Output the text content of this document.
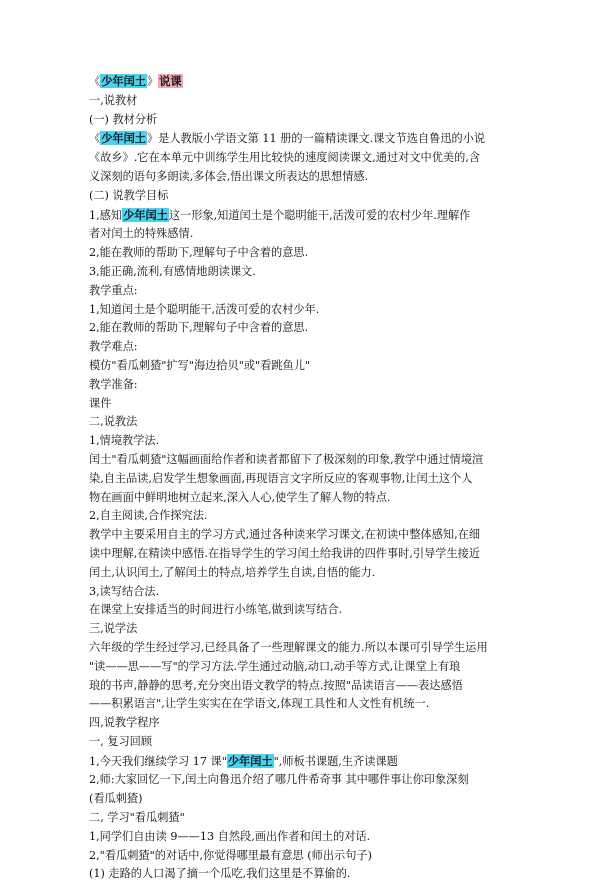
《少年闰土》说课
一,说教材
(一) 教材分析
《少年闰土》是人教版小学语文第 11 册的一篇精读课文.课文节选自鲁迅的小说
《故乡》.它在本单元中训练学生用比较快的速度阅读课文,通过对文中优美的,含
义深刻的语句多朗读,多体会,悟出课文所表达的思想情感.
(二) 说教学目标
1,感知少年闰土这一形象,知道闰土是个聪明能干,活泼可爱的农村少年.理解作
者对闰土的特殊感情.
2,能在教师的帮助下,理解句子中含着的意思.
3,能正确,流利,有感情地朗读课文.
教学重点:
1,知道闰土是个聪明能干,活泼可爱的农村少年.
2,能在教师的帮助下,理解句子中含着的意思.
教学难点:
模仿"看瓜刺猹"扩写"海边拾贝"或"看跳鱼儿"
教学准备:
课件
二,说教法
1,情境教学法.
闰土"看瓜刺猹"这幅画面给作者和读者都留下了极深刻的印象,教学中通过情境渲
染,自主品读,启发学生想象画面,再现语言文字所反应的客观事物,让闰土这个人
物在画面中鲜明地树立起来,深入人心,使学生了解人物的特点.
2,自主阅读,合作探究法.
教学中主要采用自主的学习方式,通过各种读来学习课文,在初读中整体感知,在细
读中理解,在精读中感悟.在指导学生的学习闰土给我讲的四件事时,引导学生接近
闰土,认识闰土,了解闰土的特点,培养学生自读,自悟的能力.
3,读写结合法.
在课堂上安排适当的时间进行小练笔,做到读写结合.
三,说学法
六年级的学生经过学习,已经具备了一些理解课文的能力.所以本课可引导学生运用
"读——思——写"的学习方法.学生通过动脑,动口,动手等方式,让课堂上有琅
琅的书声,静静的思考,充分突出语文教学的特点.按照"品读语言——表达感悟
——积累语言",让学生实实在在学语文,体现工具性和人文性有机统一.
四,说教学程序
一, 复习回顾
1,今天我们继续学习 17 课"少年闰土",师板书课题,生齐读课题
2,师:大家回忆一下,闰土向鲁迅介绍了哪几件希奇事 其中哪件事让你印象深刻
(看瓜刺猹)
二, 学习"看瓜刺猹"
1,同学们自由读 9——13 自然段,画出作者和闰土的对话.
2,"看瓜刺猹"的对话中,你觉得哪里最有意思 (师出示句子)
(1) 走路的人口渴了摘一个瓜吃,我们这里是不算偷的.
